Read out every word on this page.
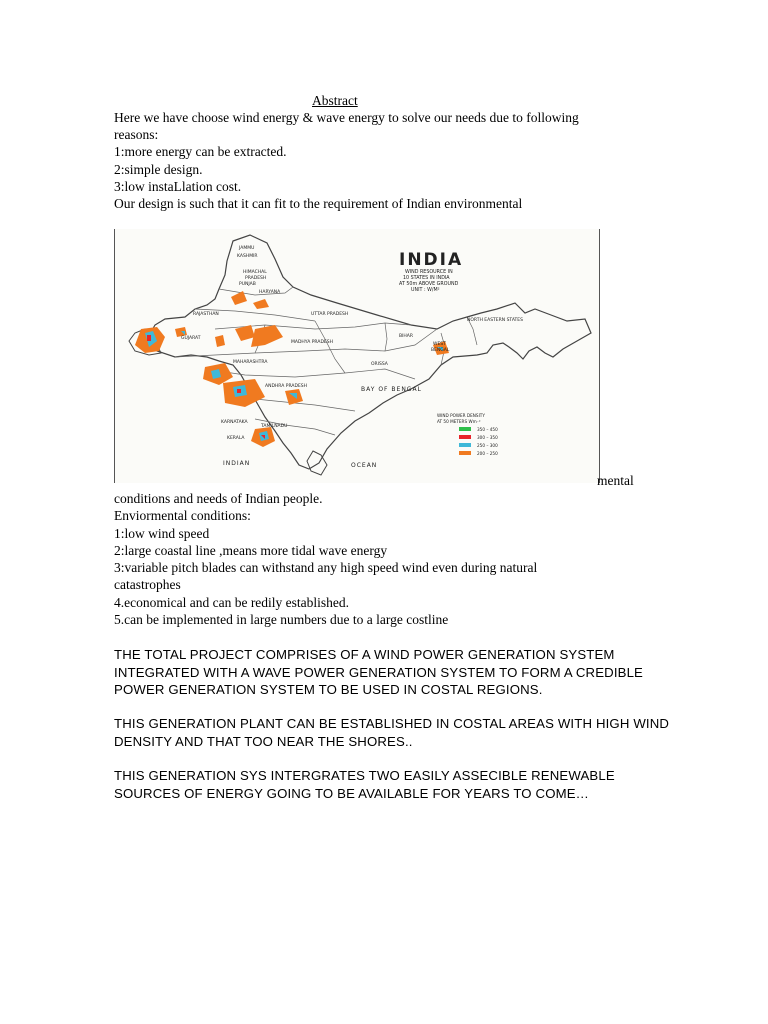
Abstract
Here we have choose wind energy & wave energy to solve our needs due to following
reasons:
1:more energy can be extracted.
2:simple design.
3:low instaLlation cost.
Our design is such that it can fit to the requirement of Indian environmental
JAMMU
KASHMIR
HIMACHAL
PRADESH
PUNJAB
HARYANA
RAJASTHAN	UTTAR PRADESH
NORTH EASTERN STATES
BIHAR
WEST
BENGAL
GUJARAT
MADHYA PRADESH
MAHARASHTRA	ORISSA
ANDHRA PRADESH
KARNATAKA
TAMILNADU
KERALA
BAY OF BENGAL
INDIAN	OCEAN
INDIA
WIND RESOURCE IN
10 STATES IN INDIA
AT 50m ABOVE GROUND
UNIT : W/M²
WIND POWER DENSITY
AT 50 METERS Wm⁻²
350 – 450
300 – 350
250 – 300
200 – 250
mental
conditions and needs of Indian people.
Enviormental conditions:
1:low wind speed
2:large coastal line ,means more tidal wave energy
3:variable pitch blades can withstand any high speed wind even during natural
catastrophes
4.economical and can be redily established.
5.can be implemented in large numbers due to a large costline
THE TOTAL PROJECT COMPRISES OF A WIND POWER GENERATION SYSTEM INTEGRATED WITH A WAVE POWER GENERATION SYSTEM TO FORM A CREDIBLE POWER GENERATION SYSTEM TO BE USED IN COSTAL REGIONS.
THIS GENERATION PLANT CAN BE ESTABLISHED IN COSTAL AREAS WITH HIGH WIND DENSITY AND THAT TOO NEAR THE SHORES..
THIS GENERATION SYS INTERGRATES TWO EASILY ASSECIBLE RENEWABLE SOURCES OF ENERGY GOING TO BE AVAILABLE FOR YEARS TO COME…
